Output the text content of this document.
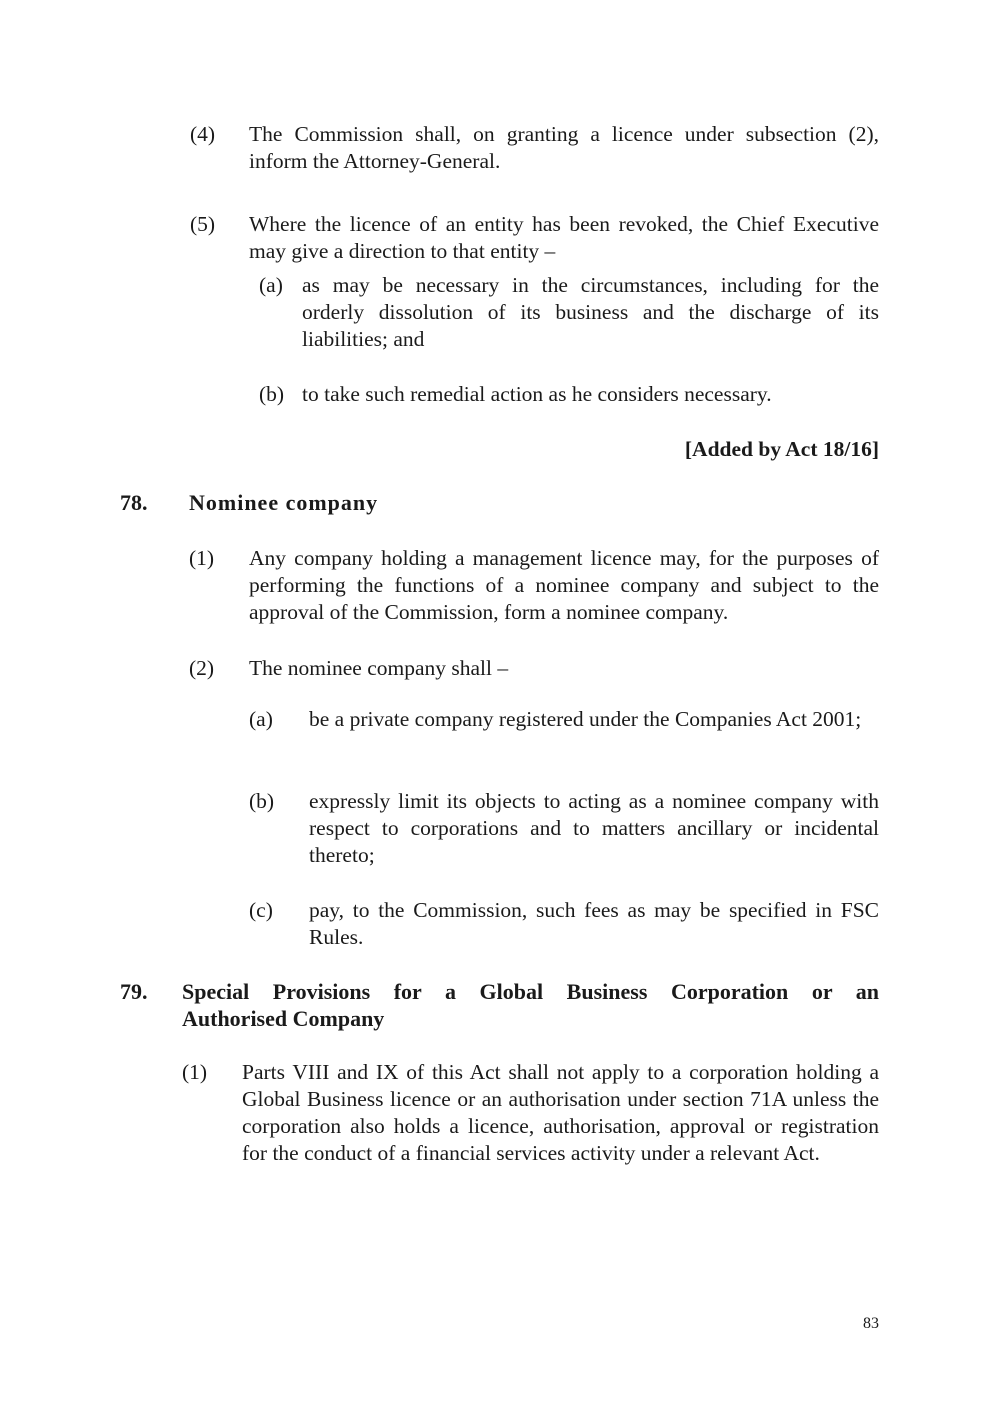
(4) The Commission shall, on granting a licence under subsection (2), inform the Attorney-General.
(5) Where the licence of an entity has been revoked, the Chief Executive may give a direction to that entity –
(a) as may be necessary in the circumstances, including for the orderly dissolution of its business and the discharge of its liabilities; and
(b) to take such remedial action as he considers necessary.
[Added by Act 18/16]
78. Nominee company
(1) Any company holding a management licence may, for the purposes of performing the functions of a nominee company and subject to the approval of the Commission, form a nominee company.
(2) The nominee company shall –
(a) be a private company registered under the Companies Act 2001;
(b) expressly limit its objects to acting as a nominee company with respect to corporations and to matters ancillary or incidental thereto;
(c) pay, to the Commission, such fees as may be specified in FSC Rules.
79. Special Provisions for a Global Business Corporation or an
Authorised Company
(1) Parts VIII and IX of this Act shall not apply to a corporation holding a Global Business licence or an authorisation under section 71A unless the corporation also holds a licence, authorisation, approval or registration for the conduct of a financial services activity under a relevant Act.
83
